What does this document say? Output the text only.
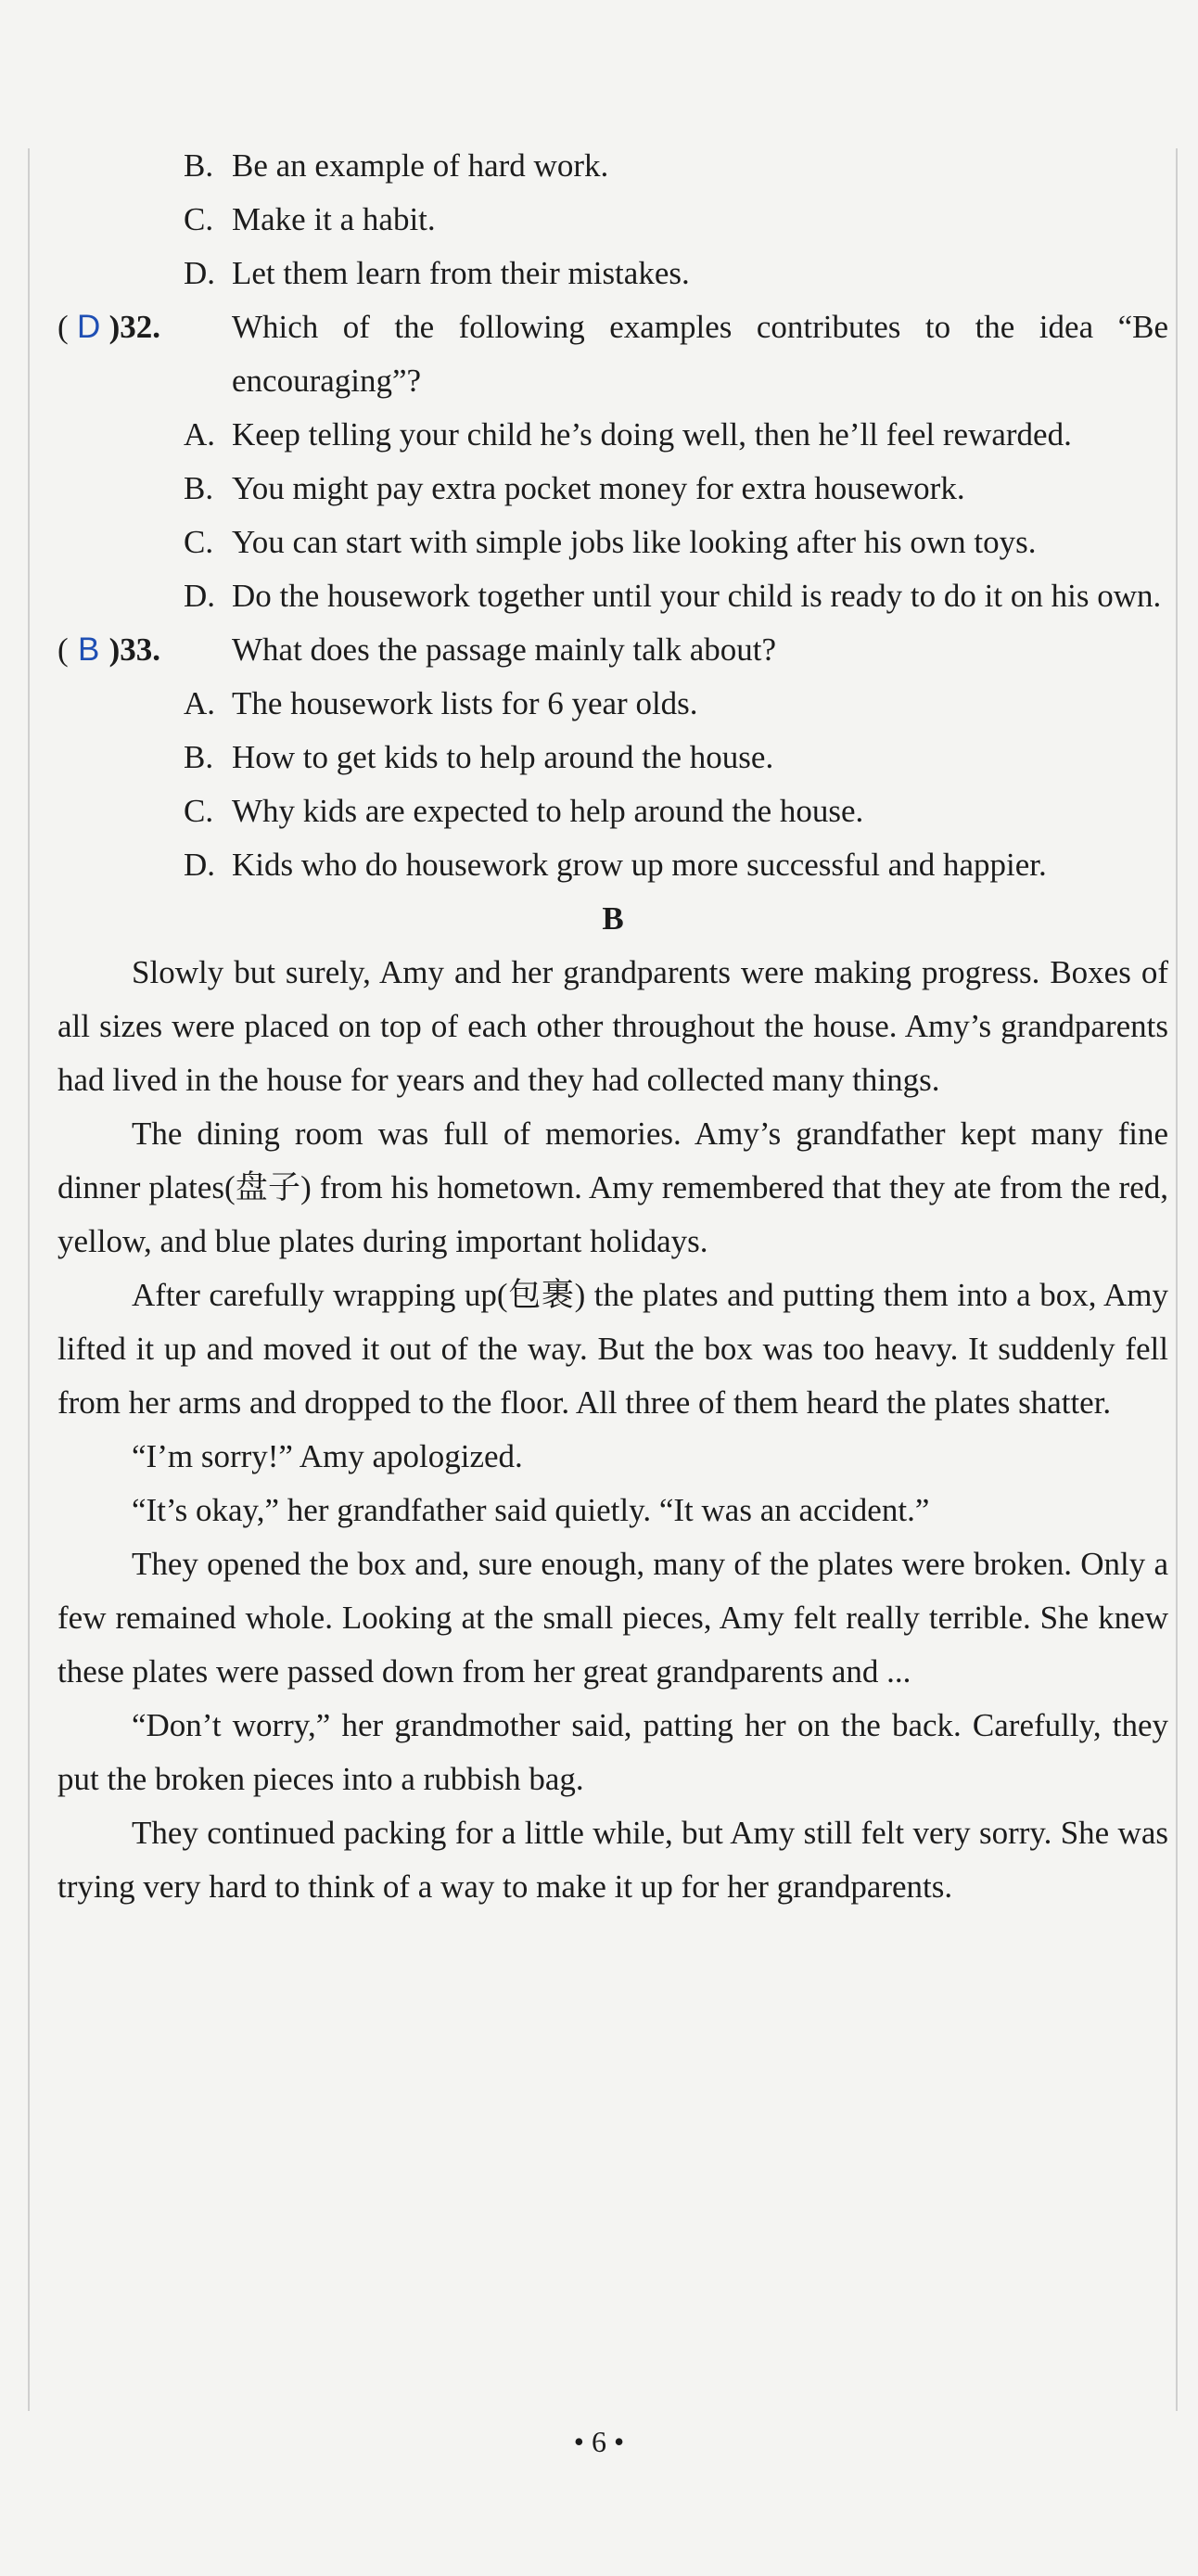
B. Be an example of hard work.
C. Make it a habit.
D. Let them learn from their mistakes.
( D )32.	Which of the following examples contributes to the idea “Be encouraging”?
A. Keep telling your child he’s doing well, then he’ll feel rewarded.
B. You might pay extra pocket money for extra housework.
C. You can start with simple jobs like looking after his own toys.
D. Do the housework together until your child is ready to do it on his own.
( B )33.	What does the passage mainly talk about?
A. The housework lists for 6 year olds.
B. How to get kids to help around the house.
C. Why kids are expected to help around the house.
D. Kids who do housework grow up more successful and happier.
B
Slowly but surely, Amy and her grandparents were making progress. Boxes of all sizes were placed on top of each other throughout the house. Amy’s grandparents had lived in the house for years and they had collected many things.
The dining room was full of memories. Amy’s grandfather kept many fine dinner plates(盘子) from his hometown. Amy remembered that they ate from the red, yellow, and blue plates during important holidays.
After carefully wrapping up(包裹) the plates and putting them into a box, Amy lifted it up and moved it out of the way. But the box was too heavy. It suddenly fell from her arms and dropped to the floor. All three of them heard the plates shatter.
“I’m sorry!” Amy apologized.
“It’s okay,” her grandfather said quietly. “It was an accident.”
They opened the box and, sure enough, many of the plates were broken. Only a few remained whole. Looking at the small pieces, Amy felt really terrible. She knew these plates were passed down from her great grandparents and ...
“Don’t worry,” her grandmother said, patting her on the back. Carefully, they put the broken pieces into a rubbish bag.
They continued packing for a little while, but Amy still felt very sorry. She was trying very hard to think of a way to make it up for her grandparents.
• 6 •
